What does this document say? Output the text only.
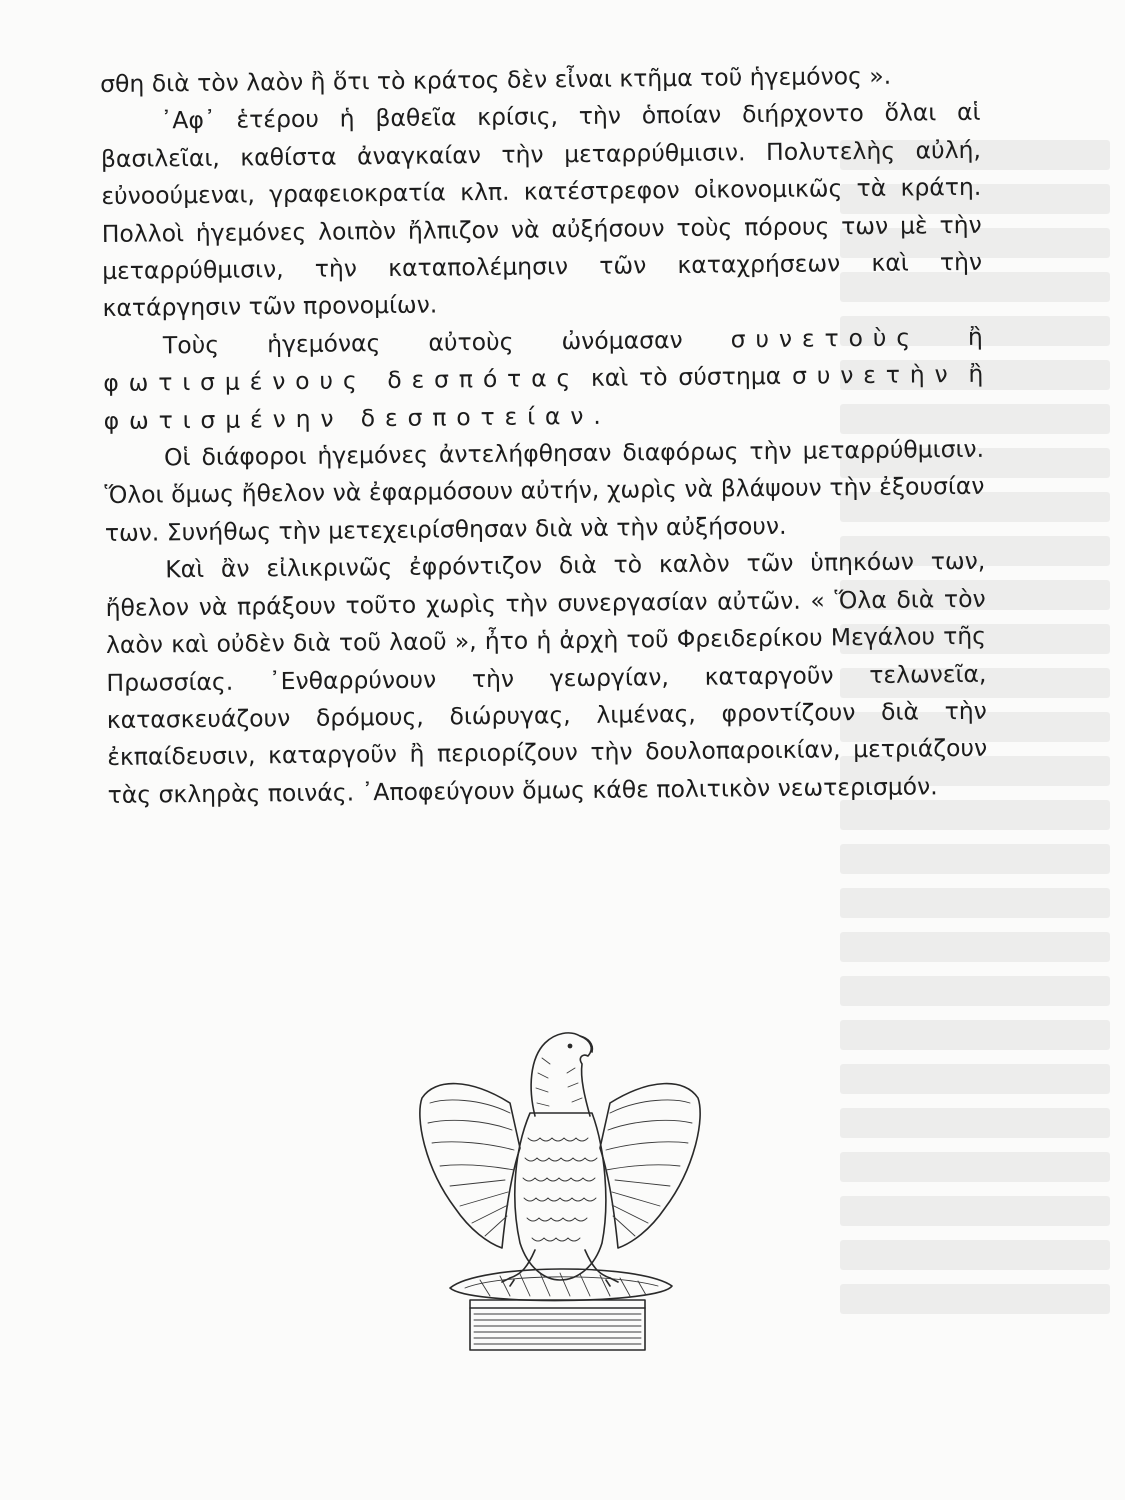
σθη διὰ τὸν λαὸν ἢ ὅτι τὸ κράτος δὲν εἶναι κτῆμα τοῦ ἡγεμόνος ».

᾿Αφ᾿ ἑτέρου ἡ βαθεῖα κρίσις, τὴν ὁποίαν διήρχοντο ὅλαι αἱ βασιλεῖαι, καθίστα ἀναγκαίαν τὴν μεταρρύθμισιν. Πολυτελὴς αὐλή, εὐνοούμεναι, γραφειοκρατία κλπ. κατέστρεφον οἰκονομικῶς τὰ κράτη. Πολλοὶ ἡγεμόνες λοιπὸν ἤλπιζον νὰ αὐξήσουν τοὺς πόρους των μὲ τὴν μεταρρύθμισιν, τὴν καταπολέμησιν τῶν καταχρήσεων καὶ τὴν κατάργησιν τῶν προνομίων.

Τοὺς ἡγεμόνας αὐτοὺς ὠνόμασαν συνετοὺς ἢ φωτισμένους δεσπότας καὶ τὸ σύστημα συνετὴν ἢ φωτισμένην δεσποτείαν.

Οἱ διάφοροι ἡγεμόνες ἀντελήφθησαν διαφόρως τὴν μεταρρύθμισιν. Ὅλοι ὅμως ἤθελον νὰ ἐφαρμόσουν αὐτήν, χωρὶς νὰ βλάψουν τὴν ἐξουσίαν των. Συνήθως τὴν μετεχειρίσθησαν διὰ νὰ τὴν αὐξήσουν.

Καὶ ἂν εἰλικρινῶς ἐφρόντιζον διὰ τὸ καλὸν τῶν ὑπηκόων των, ἤθελον νὰ πράξουν τοῦτο χωρὶς τὴν συνεργασίαν αὐτῶν. « Ὅλα διὰ τὸν λαὸν καὶ οὐδὲν διὰ τοῦ λαοῦ », ἦτο ἡ ἀρχὴ τοῦ Φρειδερίκου Μεγάλου τῆς Πρωσσίας. ᾿Ενθαρρύνουν τὴν γεωργίαν, καταργοῦν τελωνεῖα, κατασκευάζουν δρόμους, διώρυγας, λιμένας, φροντίζουν διὰ τὴν ἐκπαίδευσιν, καταργοῦν ἢ περιορίζουν τὴν δουλοπαροικίαν, μετριάζουν τὰς σκληρὰς ποινάς. ᾿Αποφεύγουν ὅμως κάθε πολιτικὸν νεωτερισμόν.
